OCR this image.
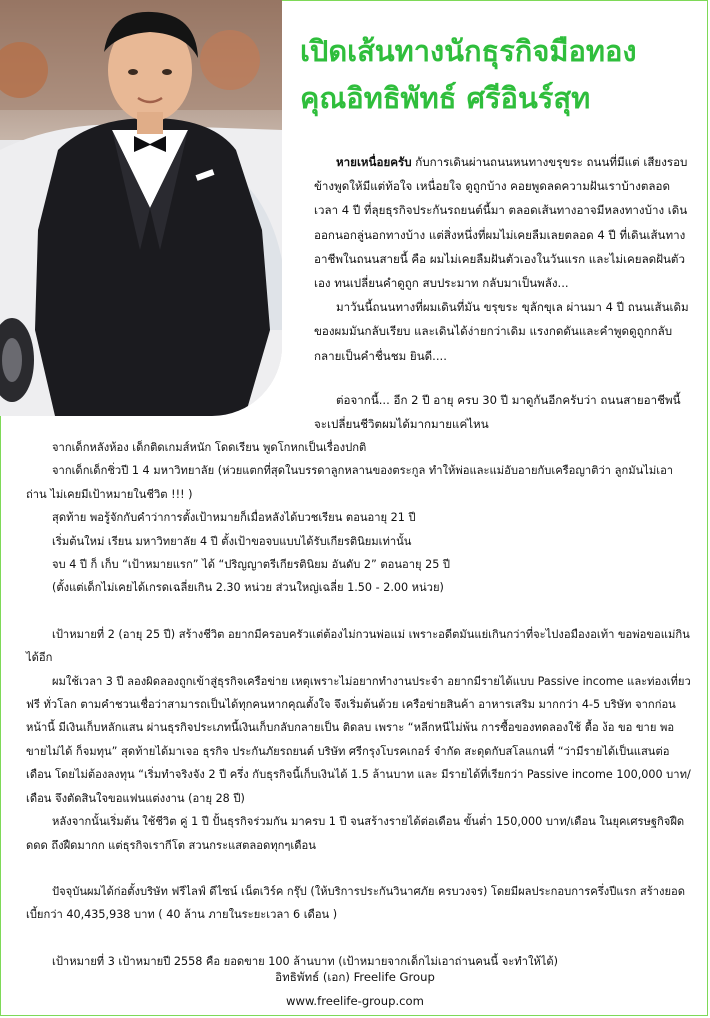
เปิดเส้นทางนักธุรกิจมือทอง
คุณอิทธิพัทธ์ ศรีอินร์สุท

หายเหนื่อยครับ กับการเดินผ่านถนนหนทางขรุขระ ถนนที่มีแต่ เสียงรอบข้างพูดให้มีแต่ท้อใจ เหนื่อยใจ ดูถูกบ้าง คอยพูดลดความฝันเราบ้างตลอดเวลา 4 ปี ที่ลุยธุรกิจประกันรถยนต์นี้มา ตลอดเส้นทางอาจมีหลงทางบ้าง เดินออกนอกลู่นอกทางบ้าง แต่สิ่งหนึ่งที่ผมไม่เคยลืมเลยตลอด 4 ปี ที่เดินเส้นทางอาชีพในถนนสายนี้ คือ ผมไม่เคยลืมฝันตัวเองในวันแรก และไม่เคยลดฝันตัวเอง ทนเปลี่ยนคำดูถูก สบประมาท กลับมาเป็นพลัง...

มาวันนี้ถนนทางที่ผมเดินที่มัน ขรุขระ ขุลักขุเล ผ่านมา 4 ปี ถนนเส้นเดิม ของผมมันกลับเรียบ และเดินได้ง่ายกว่าเดิม แรงกดดันและคำพูดดูถูกกลับกลายเป็นคำชื่นชม ยินดี....

ต่อจากนี้... อีก 2 ปี อายุ ครบ 30 ปี มาดูกันอีกครับว่า ถนนสายอาชีพนี้จะเปลี่ยนชีวิตผมได้มากมายแค่ไหน

จากเด็กหลังห้อง เด็กติดเกมส์หนัก โดดเรียน พูดโกหกเป็นเรื่องปกติ

จากเด็กเด็กชิ่วปี 1 4 มหาวิทยาลัย (ห่วยแตกที่สุดในบรรดาลูกหลานของตระกูล ทำให้พ่อและแม่อับอายกับเครือญาติว่า ลูกมันไม่เอาถ่าน ไม่เคยมีเป้าหมายในชีวิต !!! )

สุดท้าย พอรู้จักกับคำว่าการตั้งเป้าหมายก็เมื่อหลังได้บวชเรียน ตอนอายุ 21 ปี

เริ่มต้นใหม่ เรียน มหาวิทยาลัย 4 ปี ตั้งเป้าขอจบแบบได้รับเกียรตินิยมเท่านั้น

จบ 4 ปี ก็ เก็บ “เป้าหมายแรก” ได้ “ปริญญาตรีเกียรตินิยม อันดับ 2” ตอนอายุ 25 ปี

(ตั้งแต่เด็กไม่เคยได้เกรดเฉลี่ยเกิน 2.30 หน่วย ส่วนใหญ่เฉลี่ย 1.50 - 2.00 หน่วย)

เป้าหมายที่ 2 (อายุ 25 ปี) สร้างชีวิต อยากมีครอบครัวแต่ต้องไม่กวนพ่อแม่ เพราะอดีตมันแย่เกินกว่าที่จะไปงอมืองอเท้า ขอพ่อขอแม่กินได้อีก

ผมใช้เวลา 3 ปี ลองผิดลองถูกเข้าสู่ธุรกิจเครือข่าย เหตุเพราะไม่อยากทำงานประจำ อยากมีรายได้แบบ Passive income และท่องเที่ยวฟรี ทั่วโลก ตามคำชวนเชื่อว่าสามารถเป็นได้ทุกคนหากคุณตั้งใจ จึงเริ่มต้นด้วย เครือข่ายสินค้า อาหารเสริม มากกว่า 4-5 บริษัท จากก่อนหน้านี้ มีเงินเก็บหลักแสน ผ่านธุรกิจประเภทนี้เงินเก็บกลับกลายเป็น ติดลบ เพราะ “หลีกหนีไม่พ้น การซื้อของทดลองใช้ ตื้อ ง้อ ขอ ขาย พอขายไม่ได้ ก็จมทุน” สุดท้ายได้มาเจอ ธุรกิจ ประกันภัยรถยนต์ บริษัท ศรีกรุงโบรคเกอร์ จำกัด สะดุดกับสโลแกนที่ “ว่ามีรายได้เป็นแสนต่อเดือน โดยไม่ต้องลงทุน “เริ่มทำจริงจัง 2 ปี ครึ่ง กับธุรกิจนี้เก็บเงินได้ 1.5 ล้านบาท และ มีรายได้ที่เรียกว่า Passive income 100,000 บาท/เดือน จึงตัดสินใจขอแฟนแต่งงาน (อายุ 28 ปี)

หลังจากนั้นเริ่มต้น ใช้ชีวิต คู่ 1 ปี ปั้นธุรกิจร่วมกัน มาครบ 1 ปี จนสร้างรายได้ต่อเดือน ขั้นต่ำ 150,000 บาท/เดือน ในยุคเศรษฐกิจฝืดดดด ถึงฝืดมากก แต่ธุรกิจเรากีโต สวนกระแสตลอดทุกๆเดือน

ปัจจุบันผมได้ก่อตั้งบริษัท ฟรีไลฟ์ ดีไซน์ เน็ตเวิร์ค กรุ๊ป (ให้บริการประกันวินาศภัย ครบวงจร) โดยมีผลประกอบการครึ่งปีแรก สร้างยอดเบี้ยกว่า 40,435,938 บาท ( 40 ล้าน ภายในระยะเวลา 6 เดือน )

เป้าหมายที่ 3 เป้าหมายปี 2558 คือ ยอดขาย 100 ล้านบาท (เป้าหมายจากเด็กไม่เอาถ่านคนนี้ จะทำให้ได้)

อิทธิพัทธ์ (เอก) Freelife Group
www.freelife-group.com
